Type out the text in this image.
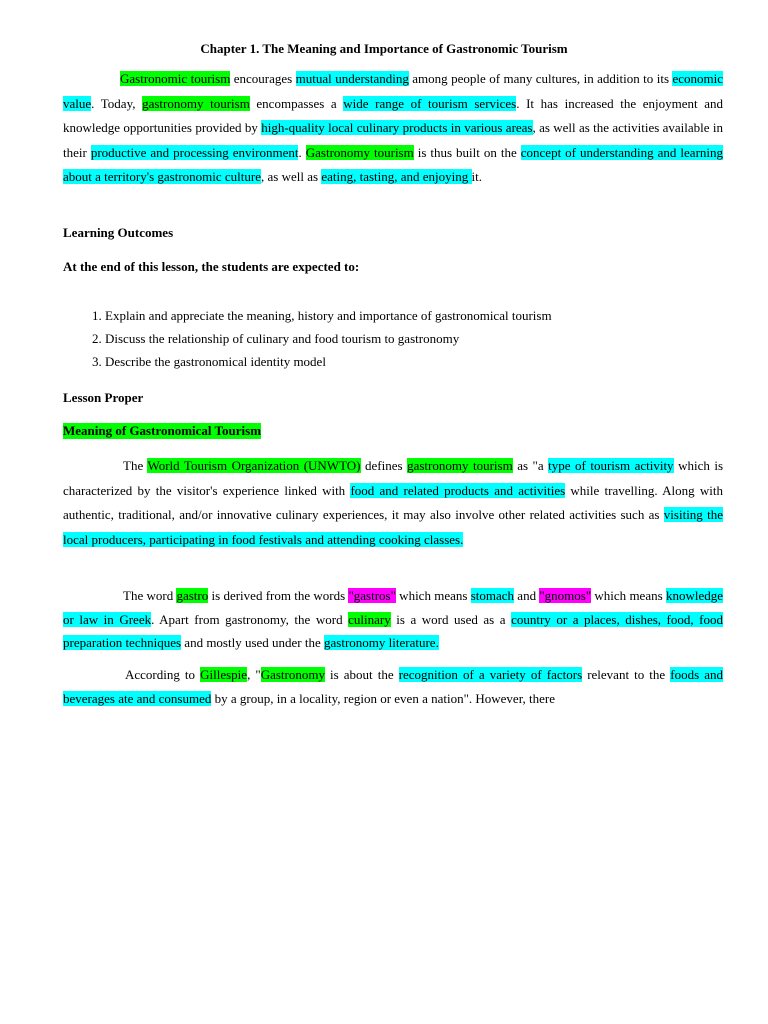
Chapter 1. The Meaning and Importance of Gastronomic Tourism

Gastronomic tourism encourages mutual understanding among people of many cultures, in addition to its economic value. Today, gastronomy tourism encompasses a wide range of tourism services. It has increased the enjoyment and knowledge opportunities provided by high-quality local culinary products in various areas, as well as the activities available in their productive and processing environment. Gastronomy tourism is thus built on the concept of understanding and learning about a territory's gastronomic culture, as well as eating, tasting, and enjoying it.

Learning Outcomes
At the end of this lesson, the students are expected to:
1. Explain and appreciate the meaning, history and importance of gastronomical tourism
2. Discuss the relationship of culinary and food tourism to gastronomy
3. Describe the gastronomical identity model
Lesson Proper
Meaning of Gastronomical Tourism

The World Tourism Organization (UNWTO) defines gastronomy tourism as "a type of tourism activity which is characterized by the visitor's experience linked with food and related products and activities while travelling. Along with authentic, traditional, and/or innovative culinary experiences, it may also involve other related activities such as visiting the local producers, participating in food festivals and attending cooking classes.

The word gastro is derived from the words "gastros" which means stomach and "gnomos" which means knowledge or law in Greek. Apart from gastronomy, the word culinary is a word used as a country or a places, dishes, food, food preparation techniques and mostly used under the gastronomy literature.

According to Gillespie, "Gastronomy is about the recognition of a variety of factors relevant to the foods and beverages ate and consumed by a group, in a locality, region or even a nation". However, there
